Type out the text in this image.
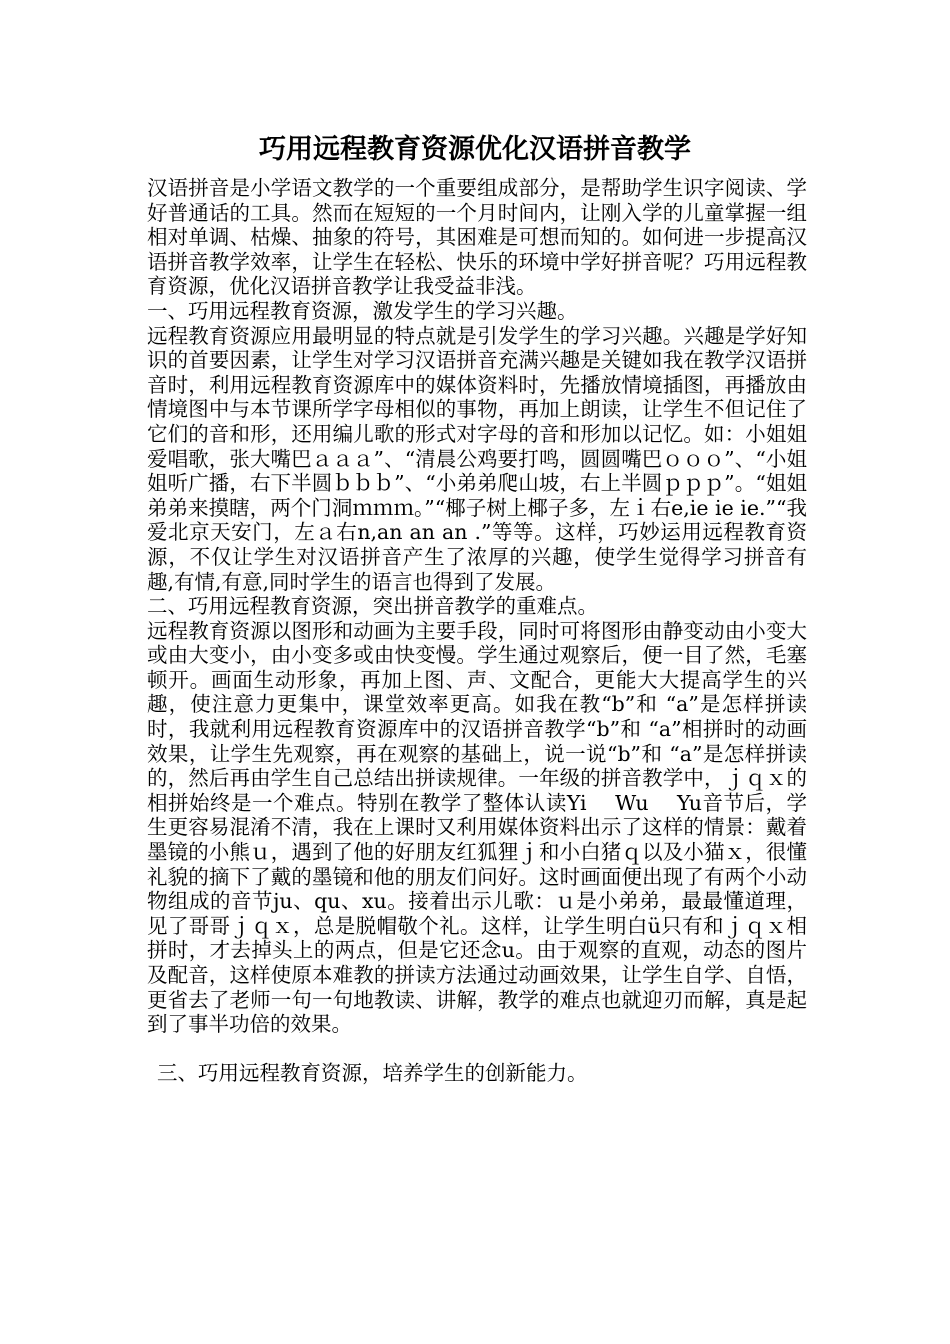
巧用远程教育资源优化汉语拼音教学

汉语拼音是小学语文教学的一个重要组成部分，是帮助学生识字阅读、学好普通话的工具。然而在短短的一个月时间内，让刚入学的儿童掌握一组相对单调、枯燥、抽象的符号，其困难是可想而知的。如何进一步提高汉语拼音教学效率，让学生在轻松、快乐的环境中学好拼音呢？巧用远程教育资源，优化汉语拼音教学让我受益非浅。

一、巧用远程教育资源，激发学生的学习兴趣。

远程教育资源应用最明显的特点就是引发学生的学习兴趣。兴趣是学好知识的首要因素，让学生对学习汉语拼音充满兴趣是关键如我在教学汉语拼音时，利用远程教育资源库中的媒体资料时，先播放情境插图，再播放由情境图中与本节课所学字母相似的事物，再加上朗读，让学生不但记住了它们的音和形，还用编儿歌的形式对字母的音和形加以记忆。如：小姐姐爱唱歌，张大嘴巴ａａａ”、“清晨公鸡要打鸣，圆圆嘴巴ｏｏｏ”、“小姐姐听广播，右下半圆ｂｂｂ”、“小弟弟爬山坡，右上半圆ｐｐｐ”。“姐姐弟弟来摸瞎，两个门洞ｍｍｍ。”“椰子树上椰子多，左ｉ右e,ie ie ie.”“我爱北京天安门，左ａ右n,an an an .”等等。这样，巧妙运用远程教育资源，不仅让学生对汉语拼音产生了浓厚的兴趣，使学生觉得学习拼音有趣,有情,有意,同时学生的语言也得到了发展。

二、巧用远程教育资源，突出拼音教学的重难点。

远程教育资源以图形和动画为主要手段，同时可将图形由静变动由小变大或由大变小，由小变多或由快变慢。学生通过观察后，便一目了然，毛塞顿开。画面生动形象，再加上图、声、文配合，更能大大提高学生的兴趣，使注意力更集中，课堂效率更高。如我在教“b”和 “a”是怎样拼读时，我就利用远程教育资源库中的汉语拼音教学“b”和 “a”相拼时的动画效果，让学生先观察，再在观察的基础上，说一说“b”和 “a”是怎样拼读的，然后再由学生自己总结出拼读规律。一年级的拼音教学中，ｊｑｘ的相拼始终是一个难点。特别在教学了整体认读Yi　 Wu　 Yu音节后，学生更容易混淆不清，我在上课时又利用媒体资料出示了这样的情景：戴着墨镜的小熊ｕ，遇到了他的好朋友红狐狸ｊ和小白猪ｑ以及小猫ｘ，很懂礼貌的摘下了戴的墨镜和他的朋友们问好。这时画面便出现了有两个小动物组成的音节ju、qu、xu。接着出示儿歌：ｕ是小弟弟，最最懂道理，见了哥哥ｊｑｘ，总是脱帽敬个礼。这样，让学生明白ü只有和ｊｑｘ相拼时，才去掉头上的两点，但是它还念u。由于观察的直观，动态的图片及配音，这样使原本难教的拼读方法通过动画效果，让学生自学、自悟，更省去了老师一句一句地教读、讲解，教学的难点也就迎刃而解，真是起到了事半功倍的效果。

三、巧用远程教育资源，培养学生的创新能力。
